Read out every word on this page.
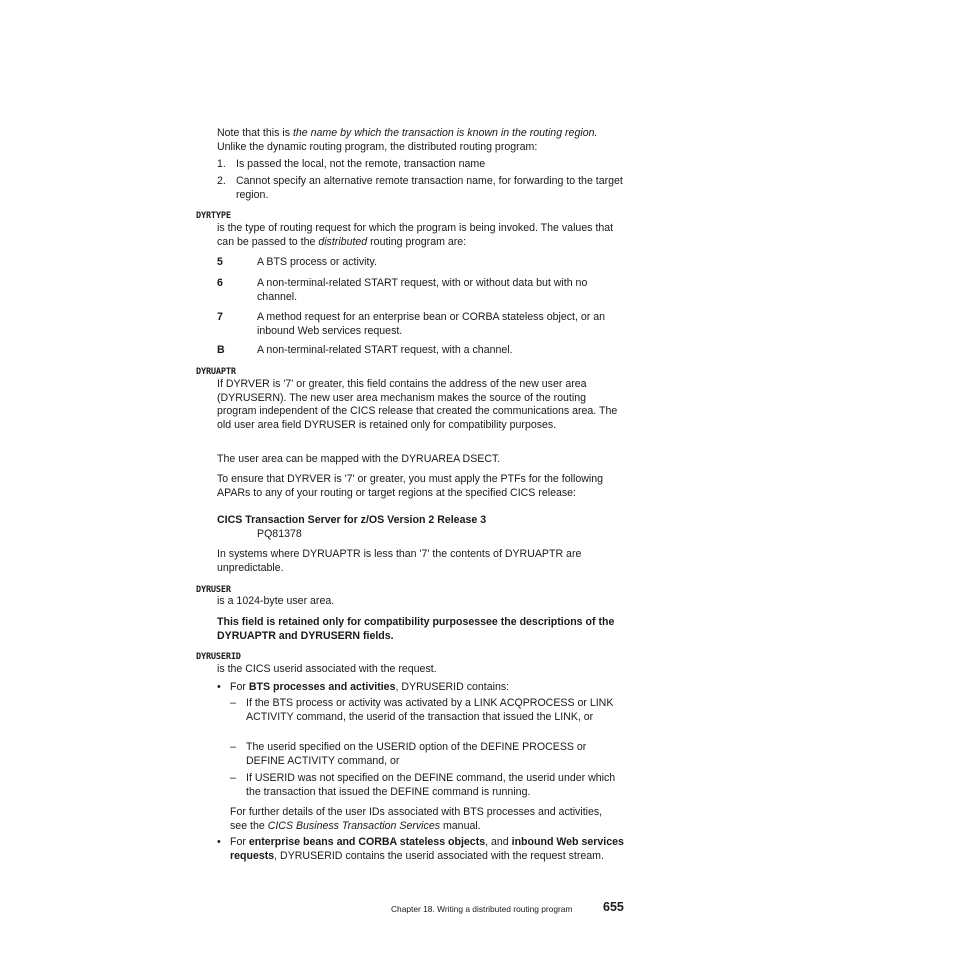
Note that this is the name by which the transaction is known in the routing region. Unlike the dynamic routing program, the distributed routing program:

1. Is passed the local, not the remote, transaction name

2. Cannot specify an alternative remote transaction name, for forwarding to the target region.

DYRTYPE

is the type of routing request for which the program is being invoked. The values that can be passed to the distributed routing program are:

5	A BTS process or activity.

6	A non-terminal-related START request, with or without data but with no channel.

7	A method request for an enterprise bean or CORBA stateless object, or an inbound Web services request.

B	A non-terminal-related START request, with a channel.

DYRUAPTR

If DYRVER is '7' or greater, this field contains the address of the new user area (DYRUSERN). The new user area mechanism makes the source of the routing program independent of the CICS release that created the communications area. The old user area field DYRUSER is retained only for compatibility purposes.

The user area can be mapped with the DYRUAREA DSECT.

To ensure that DYRVER is '7' or greater, you must apply the PTFs for the following APARs to any of your routing or target regions at the specified CICS release:

CICS Transaction Server for z/OS Version 2 Release 3

PQ81378

In systems where DYRUAPTR is less than '7' the contents of DYRUAPTR are unpredictable.

DYRUSER

is a 1024-byte user area.

This field is retained only for compatibility purposessee the descriptions of the DYRUAPTR and DYRUSERN fields.

DYRUSERID

is the CICS userid associated with the request.

• For BTS processes and activities, DYRUSERID contains:

– If the BTS process or activity was activated by a LINK ACQPROCESS or LINK ACTIVITY command, the userid of the transaction that issued the LINK, or

– The userid specified on the USERID option of the DEFINE PROCESS or DEFINE ACTIVITY command, or

– If USERID was not specified on the DEFINE command, the userid under which the transaction that issued the DEFINE command is running.

For further details of the user IDs associated with BTS processes and activities, see the CICS Business Transaction Services manual.

• For enterprise beans and CORBA stateless objects, and inbound Web services requests, DYRUSERID contains the userid associated with the request stream.

Chapter 18. Writing a distributed routing program 655
